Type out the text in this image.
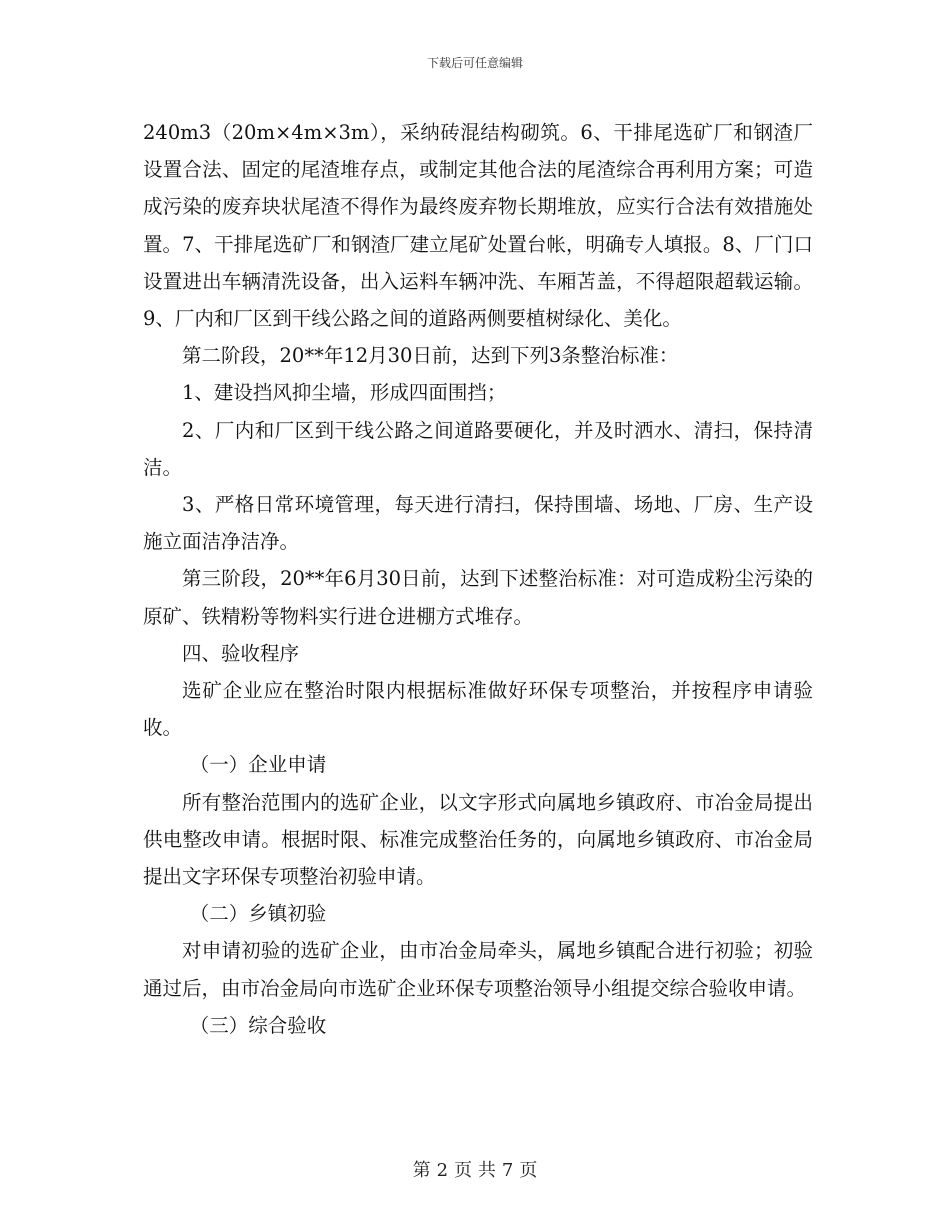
下载后可任意编辑

240m3（20m×4m×3m），采纳砖混结构砌筑。6、干排尾选矿厂和钢渣厂设置合法、固定的尾渣堆存点，或制定其他合法的尾渣综合再利用方案；可造成污染的废弃块状尾渣不得作为最终废弃物长期堆放，应实行合法有效措施处置。7、干排尾选矿厂和钢渣厂建立尾矿处置台帐，明确专人填报。8、厂门口设置进出车辆清洗设备，出入运料车辆冲洗、车厢苫盖，不得超限超载运输。9、厂内和厂区到干线公路之间的道路两侧要植树绿化、美化。

第二阶段，20**年12月30日前，达到下列3条整治标准：

1、建设挡风抑尘墙，形成四面围挡；

2、厂内和厂区到干线公路之间道路要硬化，并及时洒水、清扫，保持清洁。

3、严格日常环境管理，每天进行清扫，保持围墙、场地、厂房、生产设施立面洁净洁净。

第三阶段，20**年6月30日前，达到下述整治标准：对可造成粉尘污染的原矿、铁精粉等物料实行进仓进棚方式堆存。

四、验收程序

选矿企业应在整治时限内根据标准做好环保专项整治，并按程序申请验收。

（一）企业申请

所有整治范围内的选矿企业，以文字形式向属地乡镇政府、市冶金局提出供电整改申请。根据时限、标准完成整治任务的，向属地乡镇政府、市冶金局提出文字环保专项整治初验申请。

（二）乡镇初验

对申请初验的选矿企业，由市冶金局牵头，属地乡镇配合进行初验；初验通过后，由市冶金局向市选矿企业环保专项整治领导小组提交综合验收申请。

（三）综合验收

第 2 页 共 7 页
